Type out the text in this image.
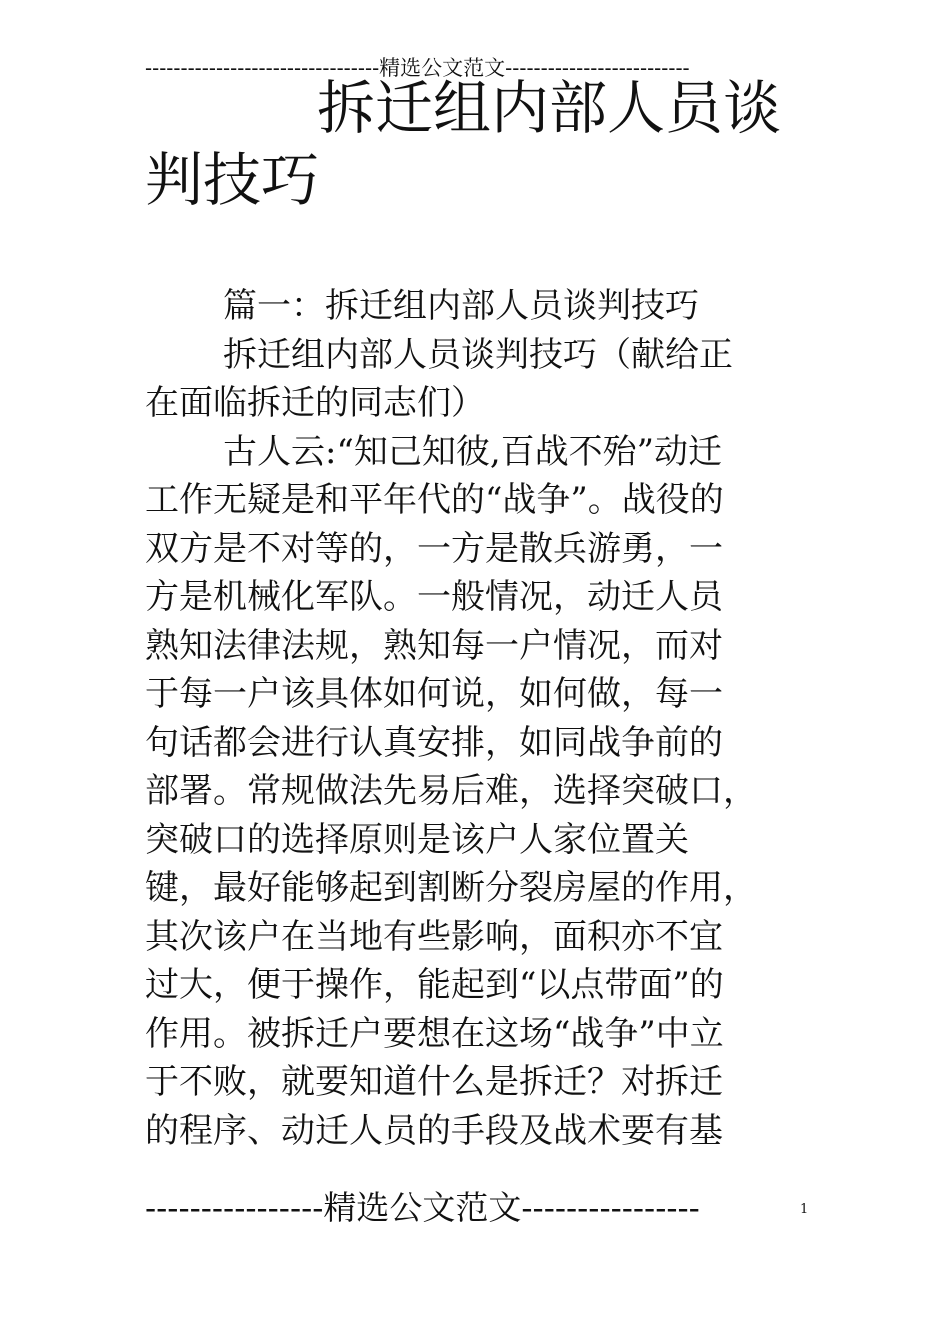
---------------------------------精选公文范文--------------------------
拆迁组内部人员谈
判技巧
篇一：拆迁组内部人员谈判技巧
拆迁组内部人员谈判技巧（献给正
在面临拆迁的同志们）
古人云:“知己知彼,百战不殆”动迁
工作无疑是和平年代的“战争”。战役的
双方是不对等的，一方是散兵游勇，一
方是机械化军队。一般情况，动迁人员
熟知法律法规，熟知每一户情况，而对
于每一户该具体如何说，如何做，每一
句话都会进行认真安排，如同战争前的
部署。常规做法先易后难，选择突破口，
突破口的选择原则是该户人家位置关
键，最好能够起到割断分裂房屋的作用，
其次该户在当地有些影响，面积亦不宜
过大，便于操作，能起到“以点带面”的
作用。被拆迁户要想在这场“战争”中立
于不败，就要知道什么是拆迁？对拆迁
的程序、动迁人员的手段及战术要有基
----------------精选公文范文----------------	1
